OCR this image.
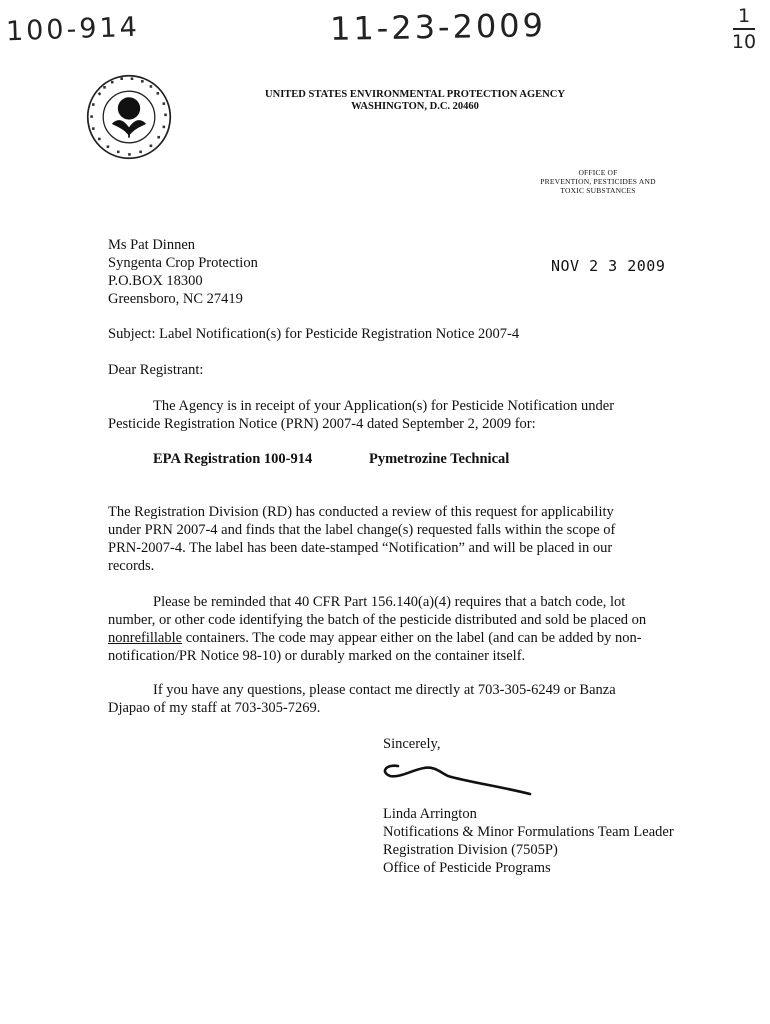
100-914	11-23-2009	1
10
UNITED STATES ENVIRONMENTAL PROTECTION AGENCY
WASHINGTON, D.C. 20460
OFFICE OF
PREVENTION, PESTICIDES AND
TOXIC SUBSTANCES
Ms Pat Dinnen
Syngenta Crop Protection
P.O.BOX 18300
Greensboro, NC 27419
NOV 2 3 2009
Subject: Label Notification(s) for Pesticide Registration Notice 2007-4
Dear Registrant:
The Agency is in receipt of your Application(s) for Pesticide Notification under
Pesticide Registration Notice (PRN) 2007-4 dated September 2, 2009 for:
EPA Registration 100-914	Pymetrozine Technical
The Registration Division (RD) has conducted a review of this request for applicability
under PRN 2007-4 and finds that the label change(s) requested falls within the scope of
PRN-2007-4. The label has been date-stamped “Notification” and will be placed in our
records.
Please be reminded that 40 CFR Part 156.140(a)(4) requires that a batch code, lot
number, or other code identifying the batch of the pesticide distributed and sold be placed on
nonrefillable containers. The code may appear either on the label (and can be added by non-
notification/PR Notice 98-10) or durably marked on the container itself.
If you have any questions, please contact me directly at 703-305-6249 or Banza
Djapao of my staff at 703-305-7269.
Sincerely,
Linda Arrington
Notifications & Minor Formulations Team Leader
Registration Division (7505P)
Office of Pesticide Programs
